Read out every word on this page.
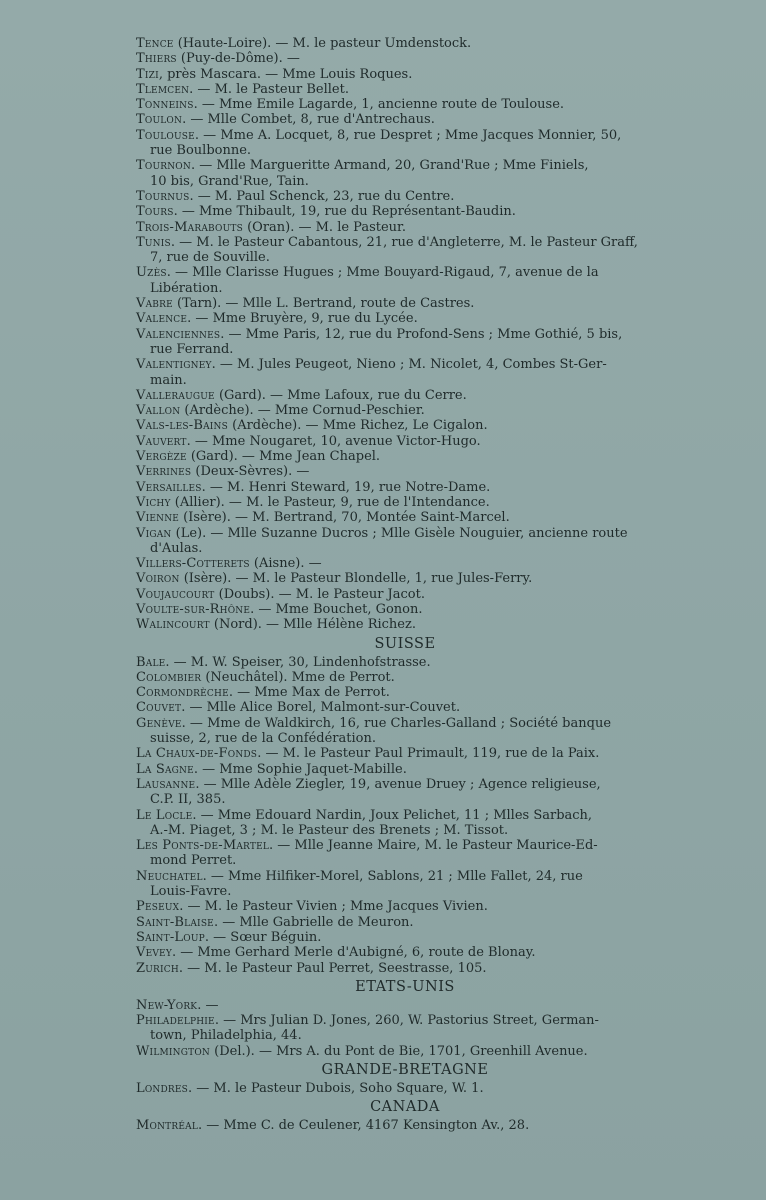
Tence (Haute-Loire). — M. le pasteur Umdenstock.
Thiers (Puy-de-Dôme). —
Tizi, près Mascara. — Mme Louis Roques.
Tlemcen. — M. le Pasteur Bellet.
Tonneins. — Mme Emile Lagarde, 1, ancienne route de Toulouse.
Toulon. — Mlle Combet, 8, rue d'Antrechaus.
Toulouse. — Mme A. Locquet, 8, rue Despret ; Mme Jacques Monnier, 50,
rue Boulbonne.
Tournon. — Mlle Margueritte Armand, 20, Grand'Rue ; Mme Finiels,
10 bis, Grand'Rue, Tain.
Tournus. — M. Paul Schenck, 23, rue du Centre.
Tours. — Mme Thibault, 19, rue du Représentant-Baudin.
Trois-Marabouts (Oran). — M. le Pasteur.
Tunis. — M. le Pasteur Cabantous, 21, rue d'Angleterre, M. le Pasteur Graff,
7, rue de Souville.
Uzès. — Mlle Clarisse Hugues ; Mme Bouyard-Rigaud, 7, avenue de la
Libération.
Vabre (Tarn). — Mlle L. Bertrand, route de Castres.
Valence. — Mme Bruyère, 9, rue du Lycée.
Valenciennes. — Mme Paris, 12, rue du Profond-Sens ; Mme Gothié, 5 bis,
rue Ferrand.
Valentigney. — M. Jules Peugeot, Nieno ; M. Nicolet, 4, Combes St-Ger-
main.
Valleraugue (Gard). — Mme Lafoux, rue du Cerre.
Vallon (Ardèche). — Mme Cornud-Peschier.
Vals-les-Bains (Ardèche). — Mme Richez, Le Cigalon.
Vauvert. — Mme Nougaret, 10, avenue Victor-Hugo.
Vergèze (Gard). — Mme Jean Chapel.
Verrines (Deux-Sèvres). —
Versailles. — M. Henri Steward, 19, rue Notre-Dame.
Vichy (Allier). — M. le Pasteur, 9, rue de l'Intendance.
Vienne (Isère). — M. Bertrand, 70, Montée Saint-Marcel.
Vigan (Le). — Mlle Suzanne Ducros ; Mlle Gisèle Nouguier, ancienne route
d'Aulas.
Villers-Cotterets (Aisne). —
Voiron (Isère). — M. le Pasteur Blondelle, 1, rue Jules-Ferry.
Voujaucourt (Doubs). — M. le Pasteur Jacot.
Voulte-sur-Rhône. — Mme Bouchet, Gonon.
Walincourt (Nord). — Mlle Hélène Richez.
SUISSE
Bale. — M. W. Speiser, 30, Lindenhofstrasse.
Colombier (Neuchâtel). Mme de Perrot.
Cormondrèche. — Mme Max de Perrot.
Couvet. — Mlle Alice Borel, Malmont-sur-Couvet.
Genève. — Mme de Waldkirch, 16, rue Charles-Galland ; Société banque
suisse, 2, rue de la Confédération.
La Chaux-de-Fonds. — M. le Pasteur Paul Primault, 119, rue de la Paix.
La Sagne. — Mme Sophie Jaquet-Mabille.
Lausanne. — Mlle Adèle Ziegler, 19, avenue Druey ; Agence religieuse,
C.P. II, 385.
Le Locle. — Mme Edouard Nardin, Joux Pelichet, 11 ; Mlles Sarbach,
A.-M. Piaget, 3 ; M. le Pasteur des Brenets ; M. Tissot.
Les Ponts-de-Martel. — Mlle Jeanne Maire, M. le Pasteur Maurice-Ed-
mond Perret.
Neuchatel. — Mme Hilfiker-Morel, Sablons, 21 ; Mlle Fallet, 24, rue
Louis-Favre.
Peseux. — M. le Pasteur Vivien ; Mme Jacques Vivien.
Saint-Blaise. — Mlle Gabrielle de Meuron.
Saint-Loup. — Sœur Béguin.
Vevey. — Mme Gerhard Merle d'Aubigné, 6, route de Blonay.
Zurich. — M. le Pasteur Paul Perret, Seestrasse, 105.
ETATS-UNIS
New-York. —
Philadelphie. — Mrs Julian D. Jones, 260, W. Pastorius Street, German-
town, Philadelphia, 44.
Wilmington (Del.). — Mrs A. du Pont de Bie, 1701, Greenhill Avenue.
GRANDE-BRETAGNE
Londres. — M. le Pasteur Dubois, Soho Square, W. 1.
CANADA
Montréal. — Mme C. de Ceulener, 4167 Kensington Av., 28.
